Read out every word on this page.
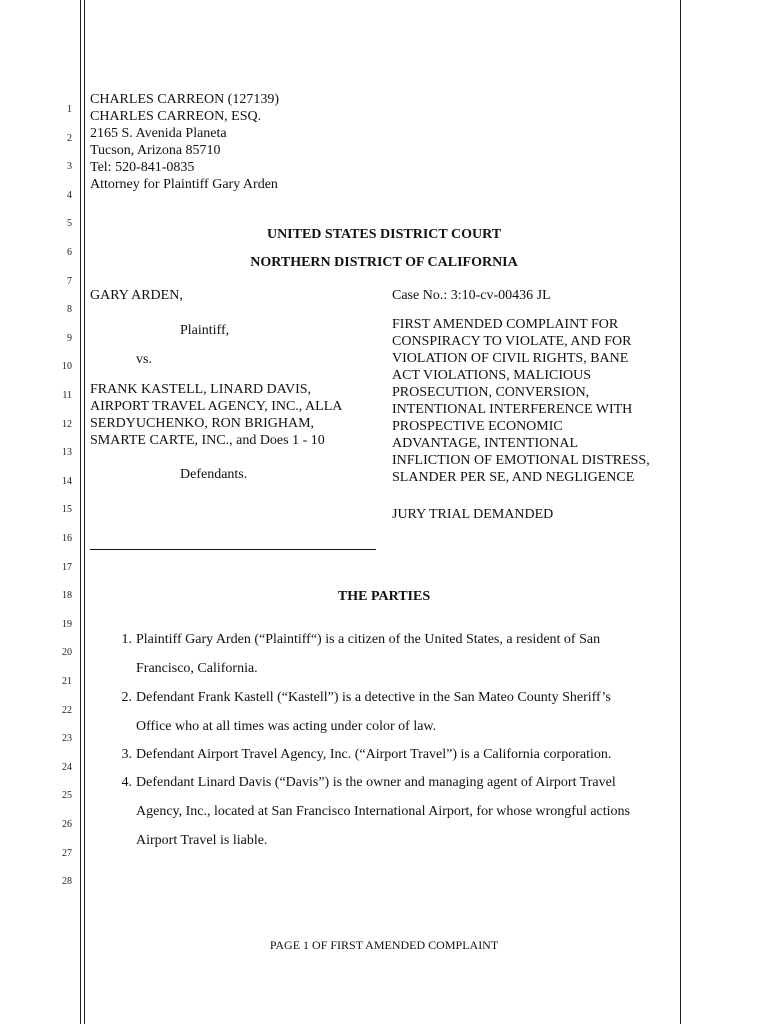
1
2
3
4
5
6
7
8
9
10
11
12
13
14
15
16
17
18
19
20
21
22
23
24
25
26
27
28
CHARLES CARREON (127139)
CHARLES CARREON, ESQ.
2165 S. Avenida Planeta
Tucson, Arizona 85710
Tel: 520-841-0835
Attorney for Plaintiff Gary Arden
UNITED STATES DISTRICT COURT
NORTHERN DISTRICT OF CALIFORNIA
GARY ARDEN,
Plaintiff,
vs.
FRANK KASTELL, LINARD DAVIS,
AIRPORT TRAVEL AGENCY, INC., ALLA
SERDYUCHENKO, RON BRIGHAM,
SMARTE CARTE, INC., and Does 1 - 10
Defendants.
Case No.: 3:10-cv-00436 JL
FIRST AMENDED COMPLAINT FOR
CONSPIRACY TO VIOLATE, AND FOR
VIOLATION OF CIVIL RIGHTS, BANE
ACT VIOLATIONS, MALICIOUS
PROSECUTION, CONVERSION,
INTENTIONAL INTERFERENCE WITH
PROSPECTIVE ECONOMIC
ADVANTAGE, INTENTIONAL
INFLICTION OF EMOTIONAL DISTRESS,
SLANDER PER SE, AND NEGLIGENCE
JURY TRIAL DEMANDED
THE PARTIES
1. Plaintiff Gary Arden (“Plaintiff“) is a citizen of the United States, a resident of San
Francisco, California.
2. Defendant Frank Kastell (“Kastell”) is a detective in the San Mateo County Sheriff’s
Office who at all times was acting under color of law.
3. Defendant Airport Travel Agency, Inc. (“Airport Travel”) is a California corporation.
4. Defendant Linard Davis (“Davis”) is the owner and managing agent of Airport Travel
Agency, Inc., located at San Francisco International Airport, for whose wrongful actions
Airport Travel is liable.
PAGE 1 OF FIRST AMENDED COMPLAINT
